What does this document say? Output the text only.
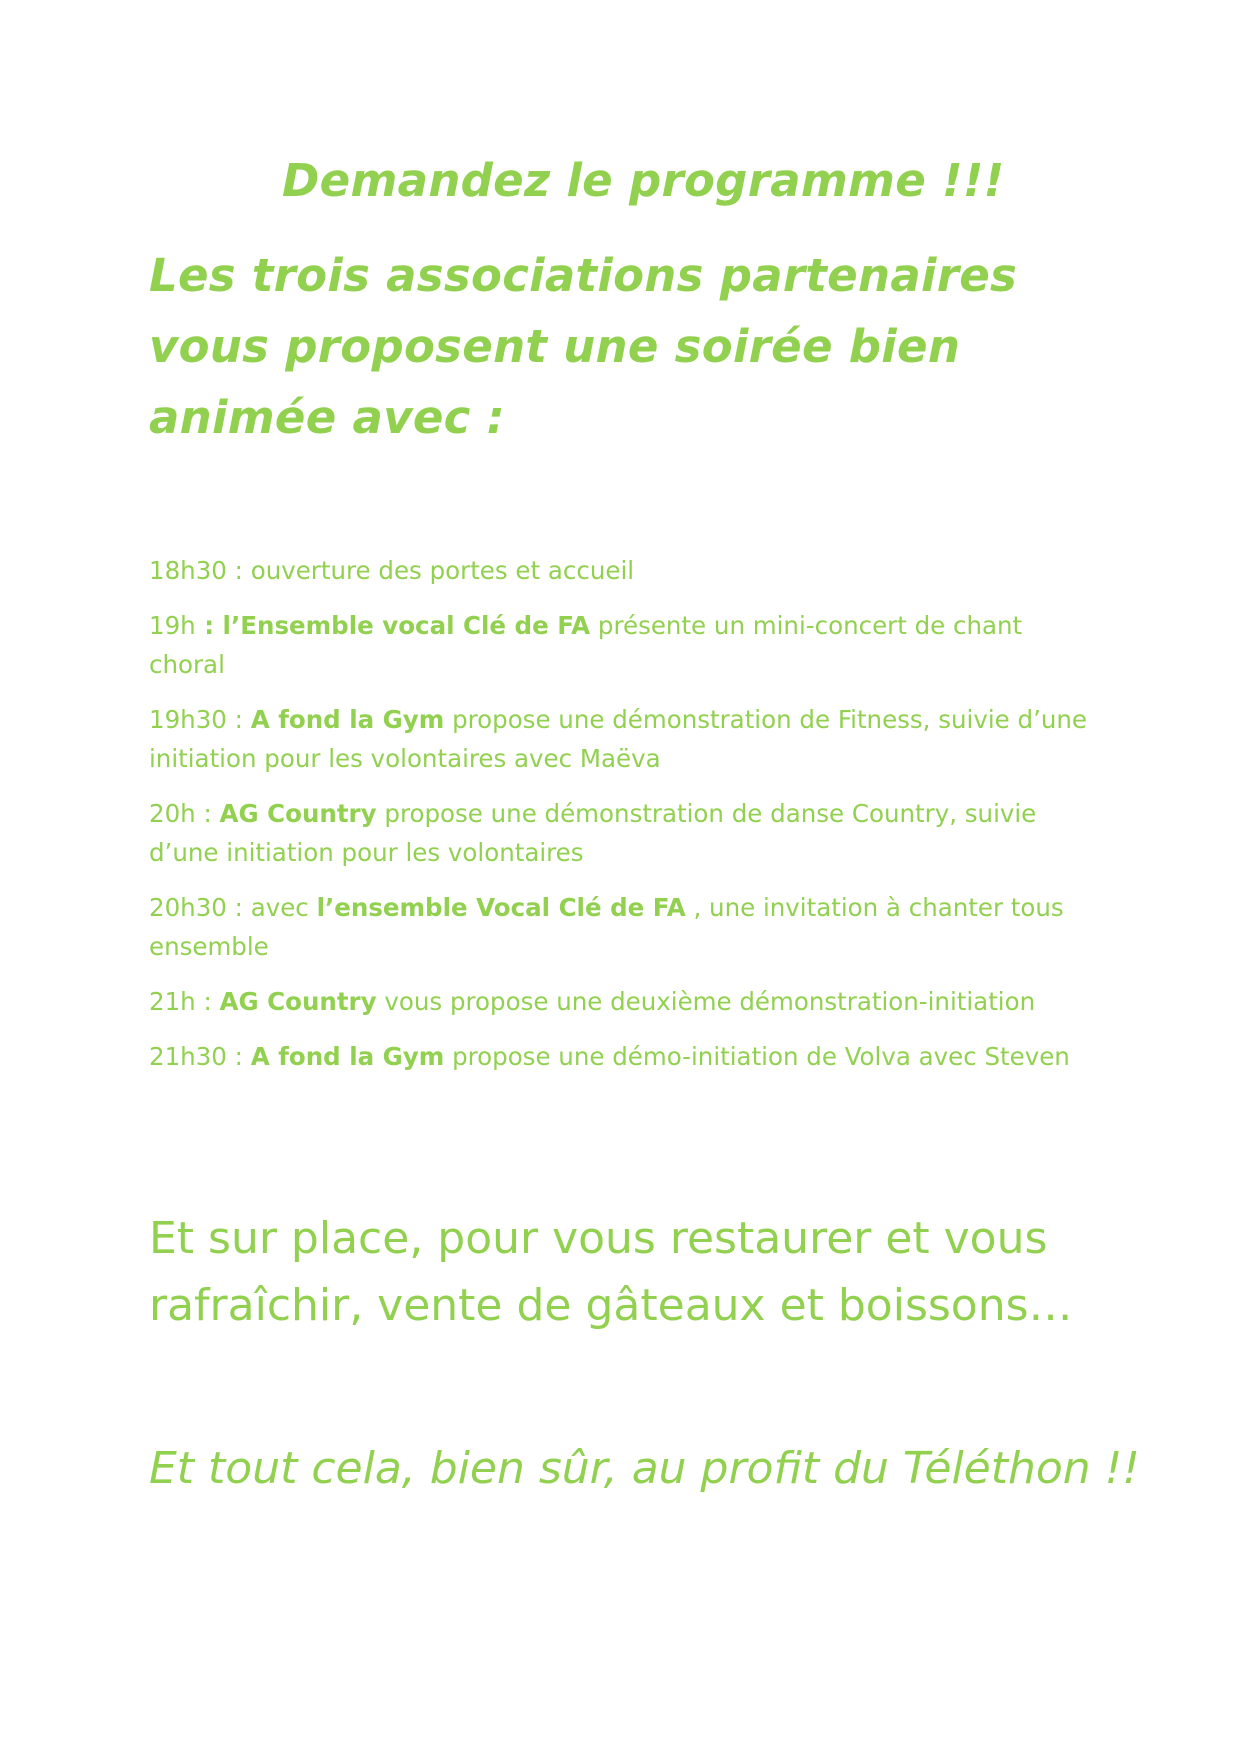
Demandez le programme !!!
Les trois associations partenaires vous proposent une soirée bien animée avec :
18h30 : ouverture des portes et accueil
19h : l’Ensemble vocal Clé de FA présente un mini-concert de chant choral
19h30 : A fond la Gym propose une démonstration de Fitness, suivie d’une initiation pour les volontaires avec Maëva
20h : AG Country propose une démonstration de danse Country, suivie d’une initiation pour les volontaires
20h30 : avec l’ensemble Vocal Clé de FA , une invitation à chanter tous ensemble
21h : AG Country vous propose une deuxième démonstration-initiation
21h30 : A fond la Gym propose une démo-initiation de Volva avec Steven

Et sur place, pour vous restaurer et vous rafraîchir, vente de gâteaux et boissons…

Et tout cela, bien sûr, au profit du Téléthon !!
